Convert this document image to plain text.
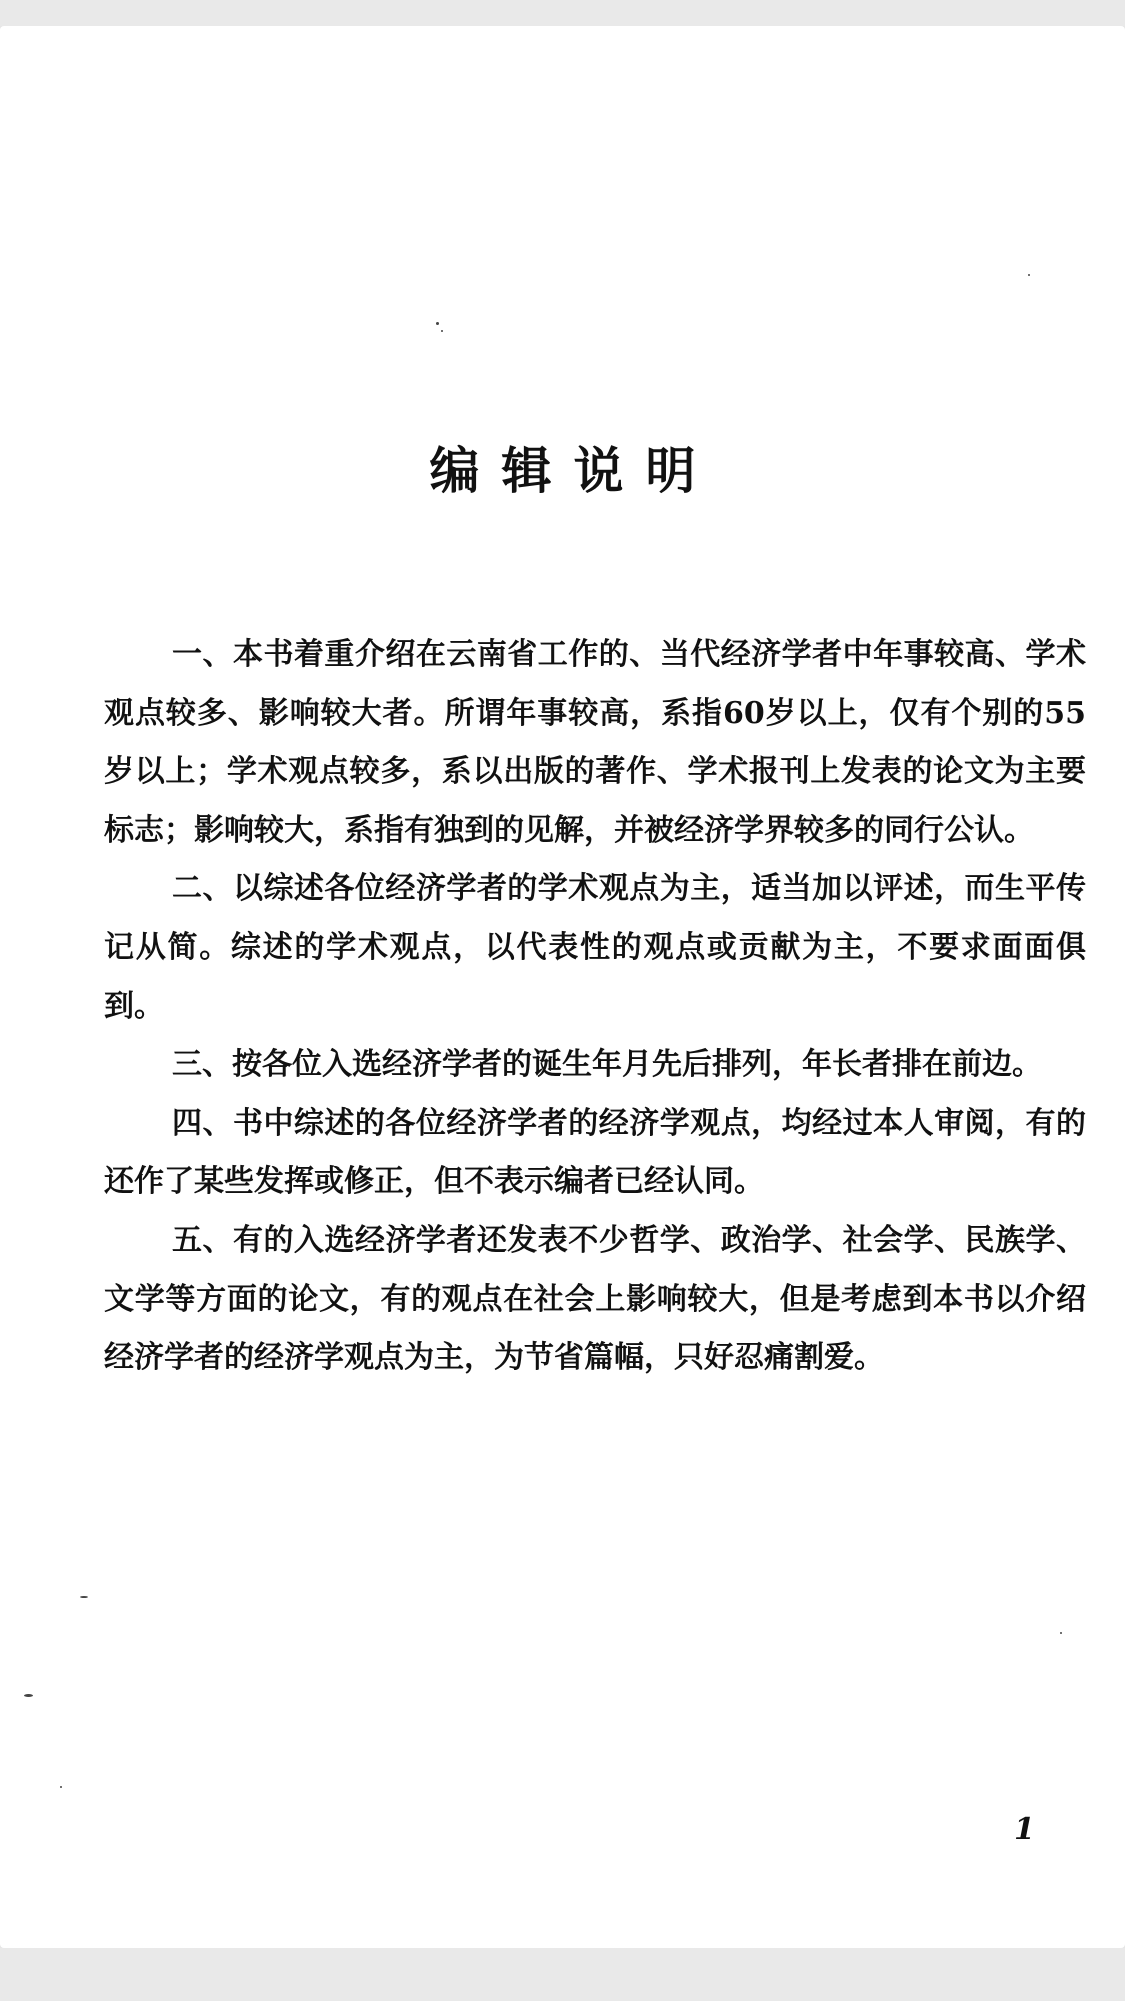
编辑说明

一、本书着重介绍在云南省工作的、当代经济学者中年事较高、学术观点较多、影响较大者。所谓年事较高，系指60岁以上，仅有个别的55岁以上；学术观点较多，系以出版的著作、学术报刊上发表的论文为主要标志；影响较大，系指有独到的见解，并被经济学界较多的同行公认。

二、以综述各位经济学者的学术观点为主，适当加以评述，而生平传记从简。综述的学术观点，以代表性的观点或贡献为主，不要求面面俱到。

三、按各位入选经济学者的诞生年月先后排列，年长者排在前边。

四、书中综述的各位经济学者的经济学观点，均经过本人审阅，有的还作了某些发挥或修正，但不表示编者已经认同。

五、有的入选经济学者还发表不少哲学、政治学、社会学、民族学、文学等方面的论文，有的观点在社会上影响较大，但是考虑到本书以介绍经济学者的经济学观点为主，为节省篇幅，只好忍痛割爱。

1
